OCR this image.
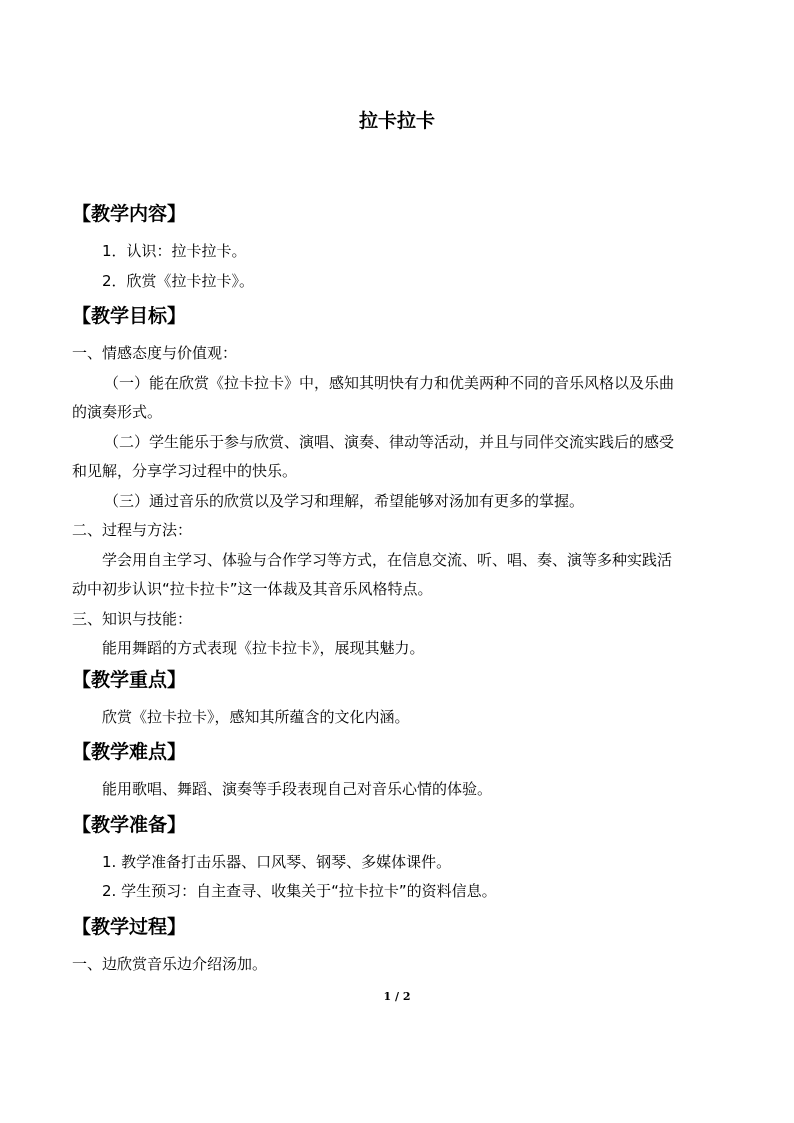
拉卡拉卡
【教学内容】
1．认识：拉卡拉卡。
2．欣赏《拉卡拉卡》。
【教学目标】
一、情感态度与价值观：
（一）能在欣赏《拉卡拉卡》中，感知其明快有力和优美两种不同的音乐风格以及乐曲
的演奏形式。
（二）学生能乐于参与欣赏、演唱、演奏、律动等活动，并且与同伴交流实践后的感受
和见解，分享学习过程中的快乐。
（三）通过音乐的欣赏以及学习和理解，希望能够对汤加有更多的掌握。
二、过程与方法：
学会用自主学习、体验与合作学习等方式，在信息交流、听、唱、奏、演等多种实践活
动中初步认识“拉卡拉卡”这一体裁及其音乐风格特点。
三、知识与技能：
能用舞蹈的方式表现《拉卡拉卡》，展现其魅力。
【教学重点】
欣赏《拉卡拉卡》，感知其所蕴含的文化内涵。
【教学难点】
能用歌唱、舞蹈、演奏等手段表现自己对音乐心情的体验。
【教学准备】
1. 教学准备打击乐器、口风琴、钢琴、多媒体课件。
2. 学生预习：自主查寻、收集关于“拉卡拉卡”的资料信息。
【教学过程】
一、边欣赏音乐边介绍汤加。
1 / 2
